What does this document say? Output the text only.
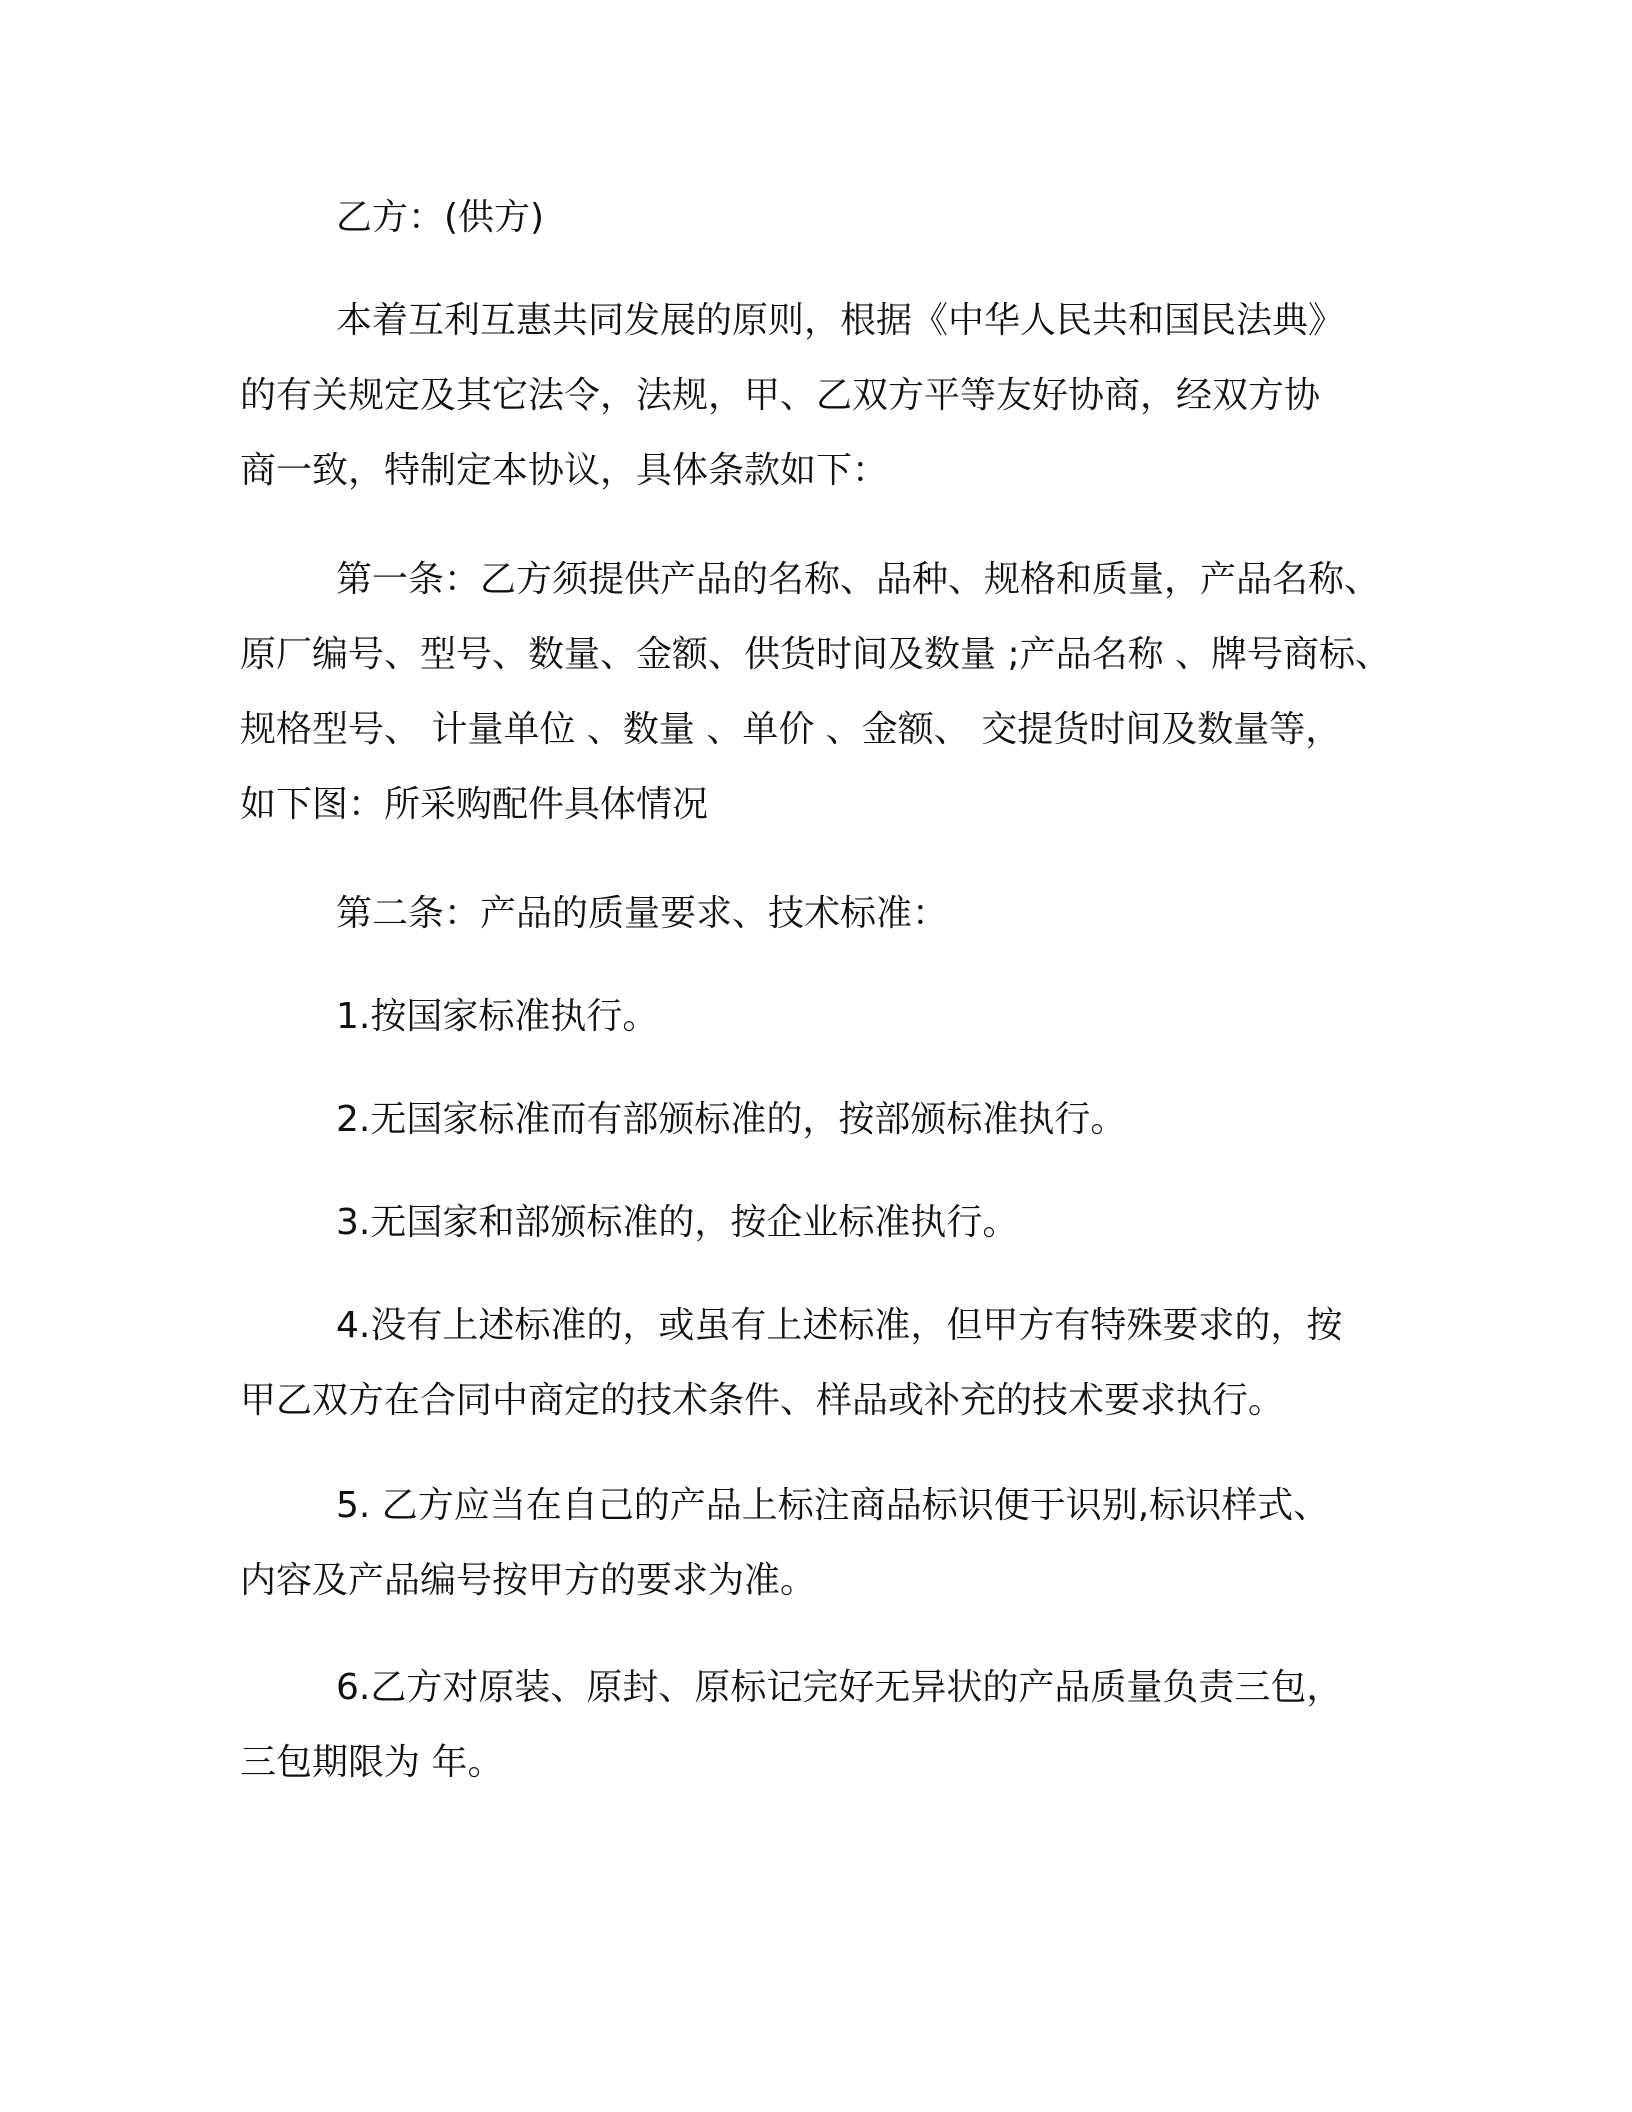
乙方：(供方)

本着互利互惠共同发展的原则，根据《中华人民共和国民法典》
的有关规定及其它法令，法规，甲、乙双方平等友好协商，经双方协
商一致，特制定本协议，具体条款如下：

第一条：乙方须提供产品的名称、品种、规格和质量，产品名称、
原厂编号、型号、数量、金额、供货时间及数量 ;产品名称 、牌号商标、
规格型号、 计量单位 、数量 、单价 、金额、 交提货时间及数量等，
如下图：所采购配件具体情况

第二条：产品的质量要求、技术标准：

1.按国家标准执行。

2.无国家标准而有部颁标准的，按部颁标准执行。

3.无国家和部颁标准的，按企业标准执行。

4.没有上述标准的，或虽有上述标准，但甲方有特殊要求的，按
甲乙双方在合同中商定的技术条件、样品或补充的技术要求执行。

5. 乙方应当在自己的产品上标注商品标识便于识别,标识样式、
内容及产品编号按甲方的要求为准。

6.乙方对原装、原封、原标记完好无异状的产品质量负责三包，
三包期限为 年。
